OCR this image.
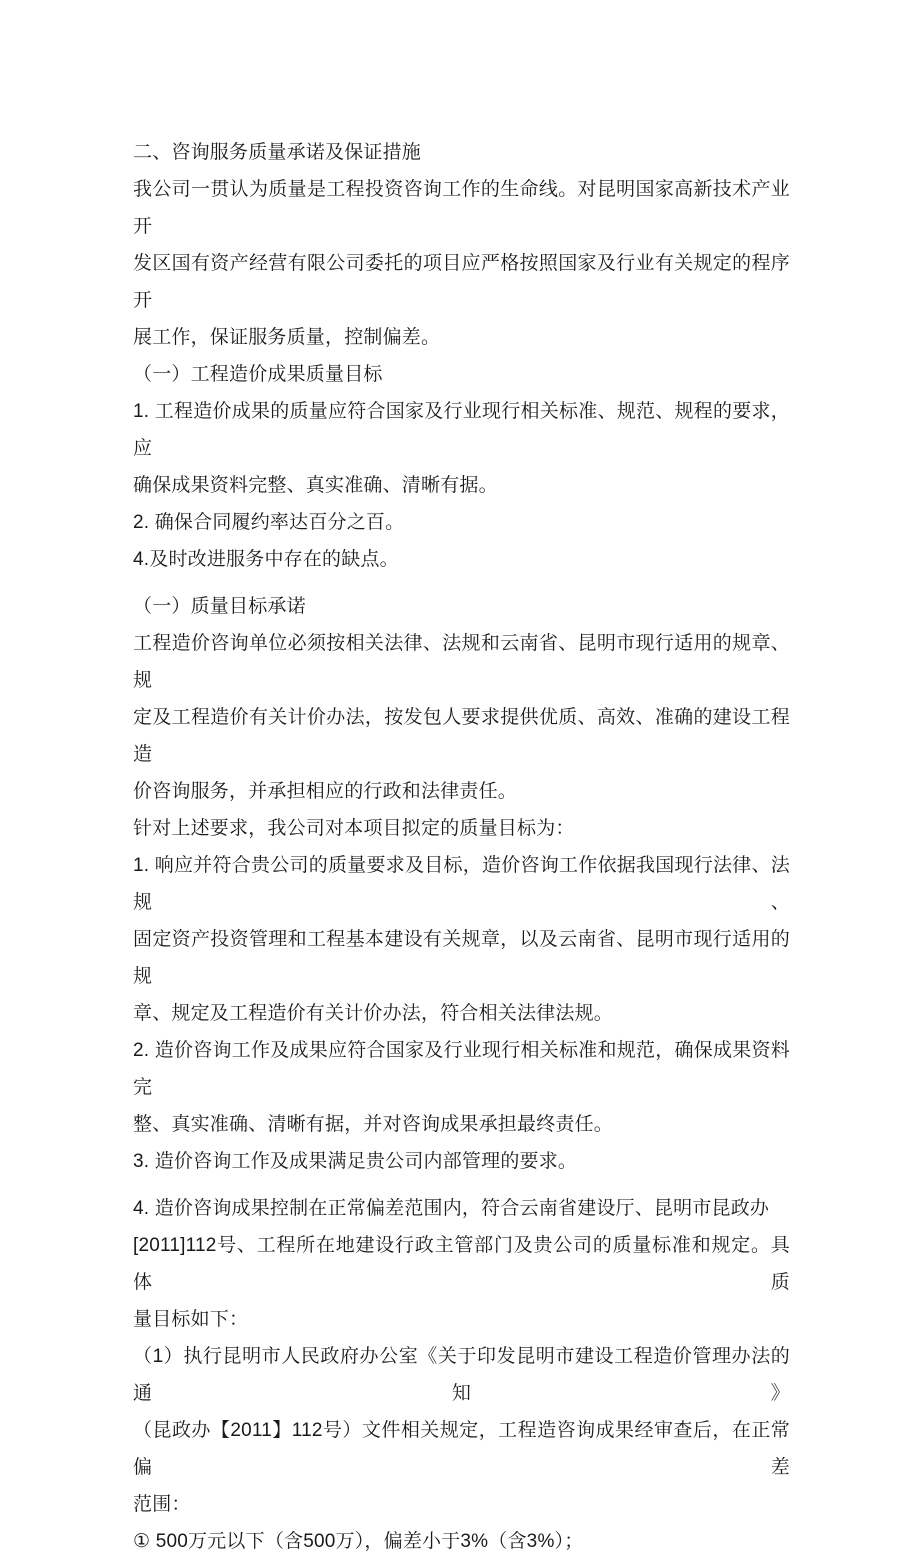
二、咨询服务质量承诺及保证措施
我公司一贯认为质量是工程投资咨询工作的生命线。对昆明国家高新技术产业开
发区国有资产经营有限公司委托的项目应严格按照国家及行业有关规定的程序 开
展工作，保证服务质量，控制偏差。
（一）工程造价成果质量目标
1. 工程造价成果的质量应符合国家及行业现行相关标准、规范、规程的要求， 应
确保成果资料完整、真实准确、清晰有据。
2. 确保合同履约率达百分之百。
4.及时改进服务中存在的缺点。
（一）质量目标承诺
工程造价咨询单位必须按相关法律、法规和云南省、昆明市现行适用的规章、规
定及工程造价有关计价办法，按发包人要求提供优质、高效、准确的建设工程造
价咨询服务，并承担相应的行政和法律责任。
针对上述要求，我公司对本项目拟定的质量目标为：
1. 响应并符合贵公司的质量要求及目标，造价咨询工作依据我国现行法律、法规、
固定资产投资管理和工程基本建设有关规章，以及云南省、昆明市现行适用的规
章、规定及工程造价有关计价办法，符合相关法律法规。
2. 造价咨询工作及成果应符合国家及行业现行相关标准和规范，确保成果资料完
整、真实准确、清晰有据，并对咨询成果承担最终责任。
3. 造价咨询工作及成果满足贵公司内部管理的要求。
4. 造价咨询成果控制在正常偏差范围内，符合云南省建设厅、昆明市昆政办
[2011]112号、工程所在地建设行政主管部门及贵公司的质量标准和规定。具体 质
量目标如下：
（1）执行昆明市人民政府办公室《关于印发昆明市建设工程造价管理办法的通知》
（昆政办【2011】112号）文件相关规定，工程造咨询成果经审查后，在正常偏 差
范围：
① 500万元以下（含500万），偏差小于3%（含3%）；
